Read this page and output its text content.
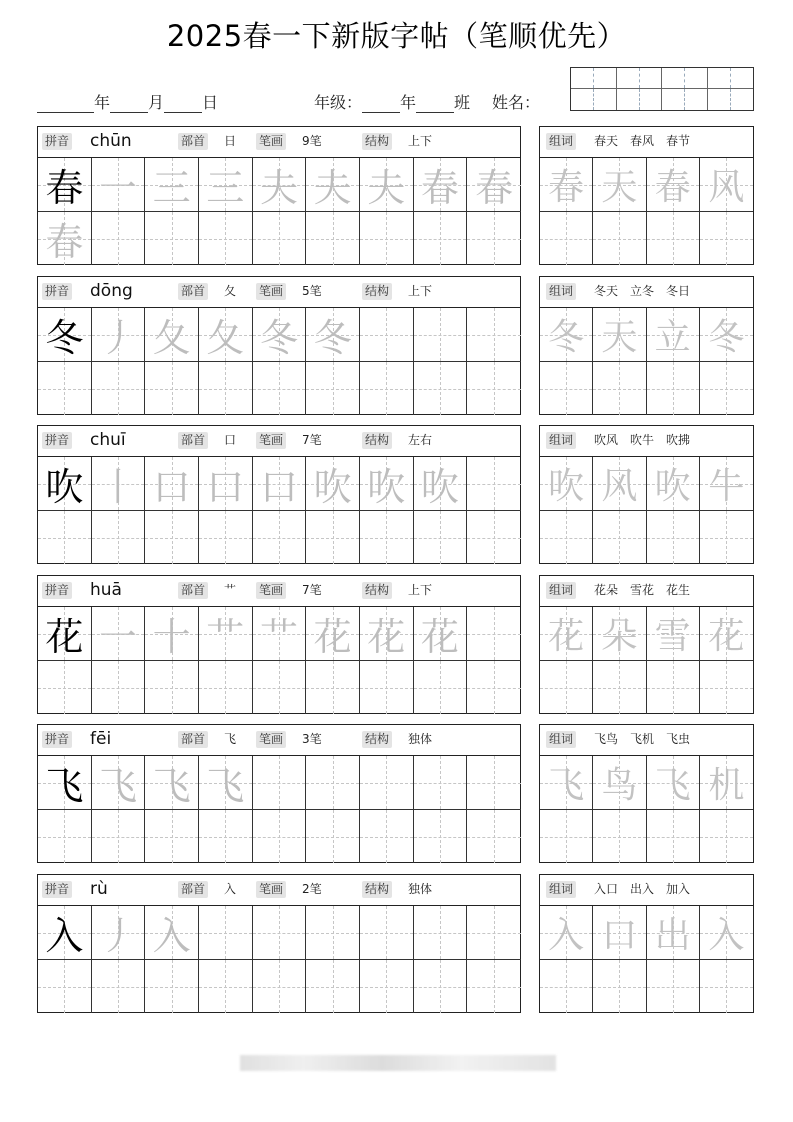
2025春一下新版字帖（笔顺优先）
年 月 日	年级： 年 班 姓名：
拼音 chūn	部首 日 笔画 9笔	结构 上下
春 一 三 三 夫 夫 夫 春 春
春
组词 春天　春风　春节
春 天 春 风
拼音 dōng	部首 夂 笔画 5笔	结构 上下
冬 丿 夂 夂 冬 冬
组词 冬天　立冬　冬日
冬 天 立 冬
拼音 chuī	部首 口 笔画 7笔	结构 左右
吹 丨 口 口 口 吹 吹 吹
组词 吹风　吹牛　吹拂
吹 风 吹 牛
拼音 huā	部首 艹 笔画 7笔	结构 上下
花 一 十 艹 艹 花 花 花
组词 花朵　雪花　花生
花 朵 雪 花
拼音 fēi	部首 飞 笔画 3笔	结构 独体
飞 飞 飞 飞
组词 飞鸟　飞机　飞虫
飞 鸟 飞 机
拼音 rù	部首 入 笔画 2笔	结构 独体
入 丿 入
组词 入口　出入　加入
入 口 出 入
